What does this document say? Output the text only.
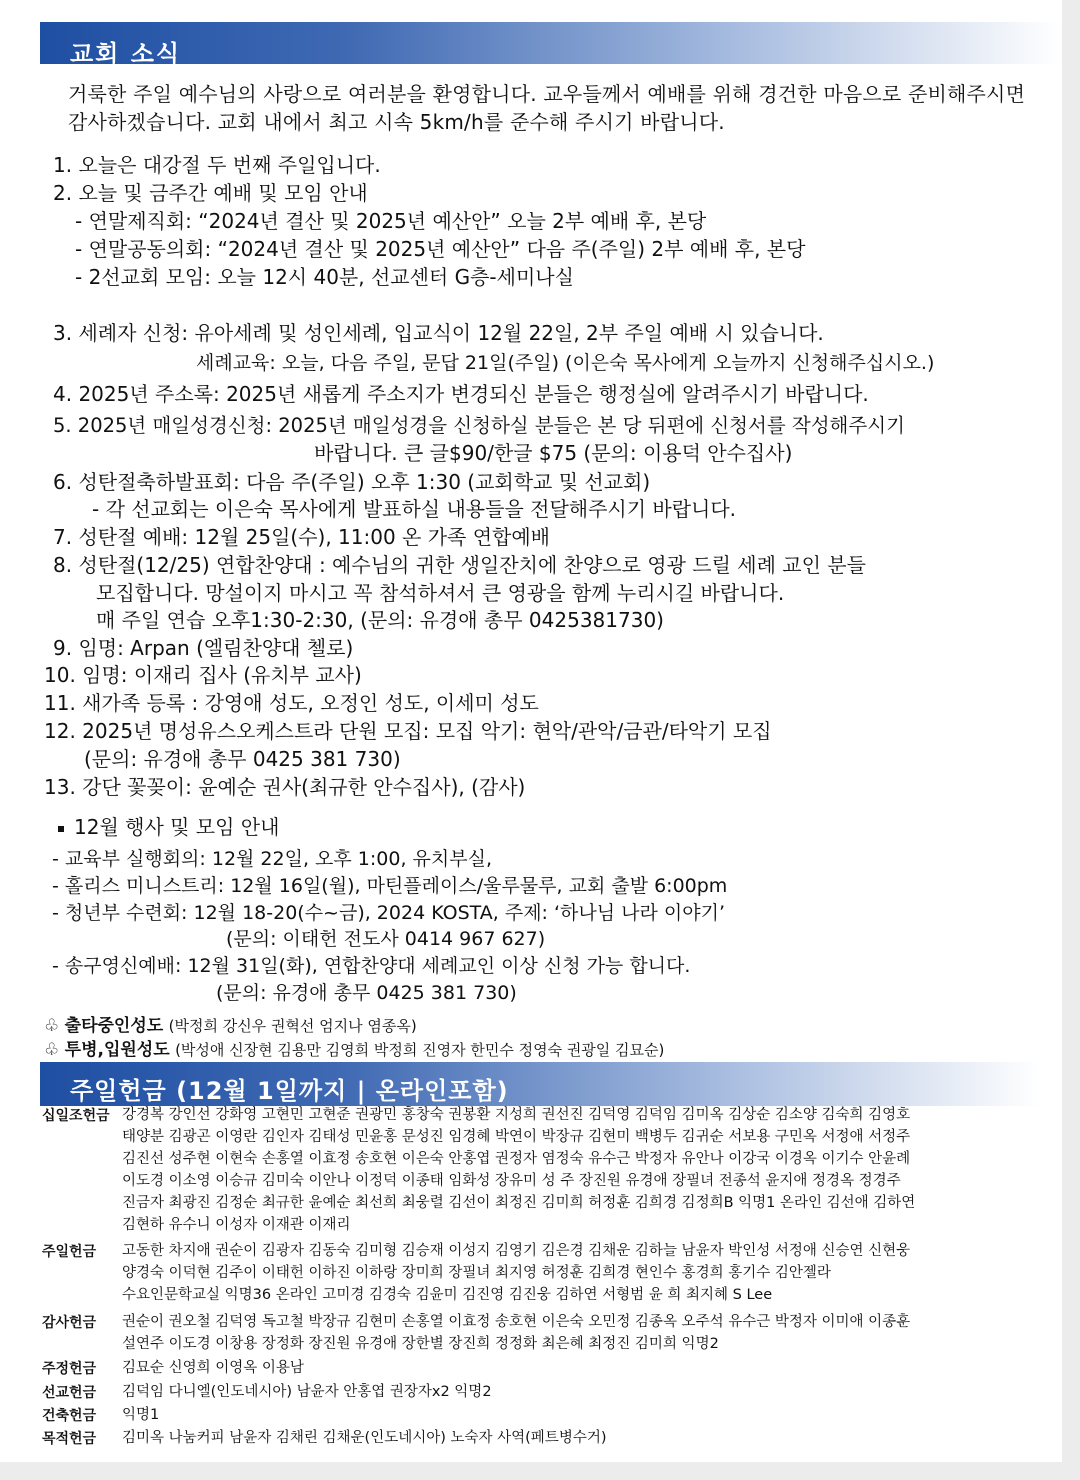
교회 소식
거룩한 주일 예수님의 사랑으로 여러분을 환영합니다. 교우들께서 예배를 위해 경건한 마음으로 준비해주시면 감사하겠습니다. 교회 내에서 최고 시속 5km/h를 준수해 주시기 바랍니다.
1. 오늘은 대강절 두 번째 주일입니다.
2. 오늘 및 금주간 예배 및 모임 안내
- 연말제직회: “2024년 결산 및 2025년 예산안” 오늘 2부 예배 후, 본당
- 연말공동의회: “2024년 결산 및 2025년 예산안” 다음 주(주일) 2부 예배 후, 본당
- 2선교회 모임: 오늘 12시 40분, 선교센터 G층-세미나실
3. 세례자 신청: 유아세례 및 성인세례, 입교식이 12월 22일, 2부 주일 예배 시 있습니다.
세례교육: 오늘, 다음 주일, 문답 21일(주일) (이은숙 목사에게 오늘까지 신청해주십시오.)
4. 2025년 주소록: 2025년 새롭게 주소지가 변경되신 분들은 행정실에 알려주시기 바랍니다.
5. 2025년 매일성경신청: 2025년 매일성경을 신청하실 분들은 본 당 뒤편에 신청서를 작성해주시기
바랍니다. 큰 글$90/한글 $75 (문의: 이용덕 안수집사)
6. 성탄절축하발표회: 다음 주(주일) 오후 1:30 (교회학교 및 선교회)
- 각 선교회는 이은숙 목사에게 발표하실 내용들을 전달해주시기 바랍니다.
7. 성탄절 예배: 12월 25일(수), 11:00 온 가족 연합예배
8. 성탄절(12/25) 연합찬양대 : 예수님의 귀한 생일잔치에 찬양으로 영광 드릴 세례 교인 분들
모집합니다. 망설이지 마시고 꼭 참석하셔서 큰 영광을 함께 누리시길 바랍니다.
매 주일 연습 오후1:30-2:30, (문의: 유경애 총무 0425381730)
9. 임명: Arpan (엘림찬양대 첼로)
10. 임명: 이재리 집사 (유치부 교사)
11. 새가족 등록 : 강영애 성도, 오정인 성도, 이세미 성도
12. 2025년 명성유스오케스트라 단원 모집: 모집 악기: 현악/관악/금관/타악기 모집
(문의: 유경애 총무 0425 381 730)
13. 강단 꽃꽂이: 윤예순 권사(최규한 안수집사), (감사)
12월 행사 및 모임 안내
- 교육부 실행회의: 12월 22일, 오후 1:00, 유치부실,
- 홀리스 미니스트리: 12월 16일(월), 마틴플레이스/울루물루, 교회 출발 6:00pm
- 청년부 수련회: 12월 18-20(수~금), 2024 KOSTA, 주제: ‘하나님 나라 이야기’
(문의: 이태헌 전도사 0414 967 627)
- 송구영신예배: 12월 31일(화), 연합찬양대 세례교인 이상 신청 가능 합니다.
(문의: 유경애 총무 0425 381 730)
♧ 출타중인성도 (박정희 강신우 권혁선 엄지나 염종옥)
♧ 투병,입원성도 (박성애 신장현 김용만 김영희 박정희 진영자 한민수 정영숙 권광일 김묘순)
주일헌금 (12월 1일까지 | 온라인포함)
십일조헌금 강경복 강인선 강화영 고현민 고현준 권광민 홍창숙 권봉환 지성희 권선진 김덕영 김덕임 김미옥 김상순 김소양 김숙희 김영호
태양분 김광곤 이영란 김인자 김태성 민윤홍 문성진 임경혜 박연이 박장규 김현미 백병두 김귀순 서보용 구민옥 서정애 서정주
김진선 성주현 이현숙 손홍열 이효정 송호현 이은숙 안홍엽 권정자 염정숙 유수근 박정자 유안나 이강국 이경옥 이기수 안윤례
이도경 이소영 이승규 김미숙 이안나 이정덕 이종태 임화성 장유미 성 주 장진원 유경애 장필녀 전종석 윤지애 정경옥 정경주
진금자 최광진 김정순 최규한 윤예순 최선희 최웅렬 김선이 최정진 김미희 허정훈 김희경 김정희B 익명1 온라인 김선애 김하연
김현하 유수니 이성자 이재관 이재리
주일헌금 고동한 차지애 권순이 김광자 김동숙 김미형 김승재 이성지 김영기 김은경 김채운 김하늘 남윤자 박인성 서정애 신승연 신현웅
양경숙 이덕현 김주이 이태헌 이하진 이하랑 장미희 장필녀 최지영 허정훈 김희경 현인수 홍경희 홍기수 김안젤라
수요인문학교실 익명36 온라인 고미경 김경숙 김윤미 김진영 김진웅 김하연 서형범 윤 희 최지혜 S Lee
감사헌금 권순이 권오철 김덕영 독고철 박장규 김현미 손홍열 이효정 송호현 이은숙 오민정 김종옥 오주석 유수근 박정자 이미애 이종훈
설연주 이도경 이창용 장정화 장진원 유경애 장한별 장진희 정정화 최은혜 최정진 김미희 익명2
주정헌금 김묘순 신영희 이영옥 이용남
선교헌금 김덕임 다니엘(인도네시아) 남윤자 안홍엽 권장자x2 익명2
건축헌금 익명1
목적헌금 김미옥 나눔커피 남윤자 김채린 김채운(인도네시아) 노숙자 사역(페트병수거)
